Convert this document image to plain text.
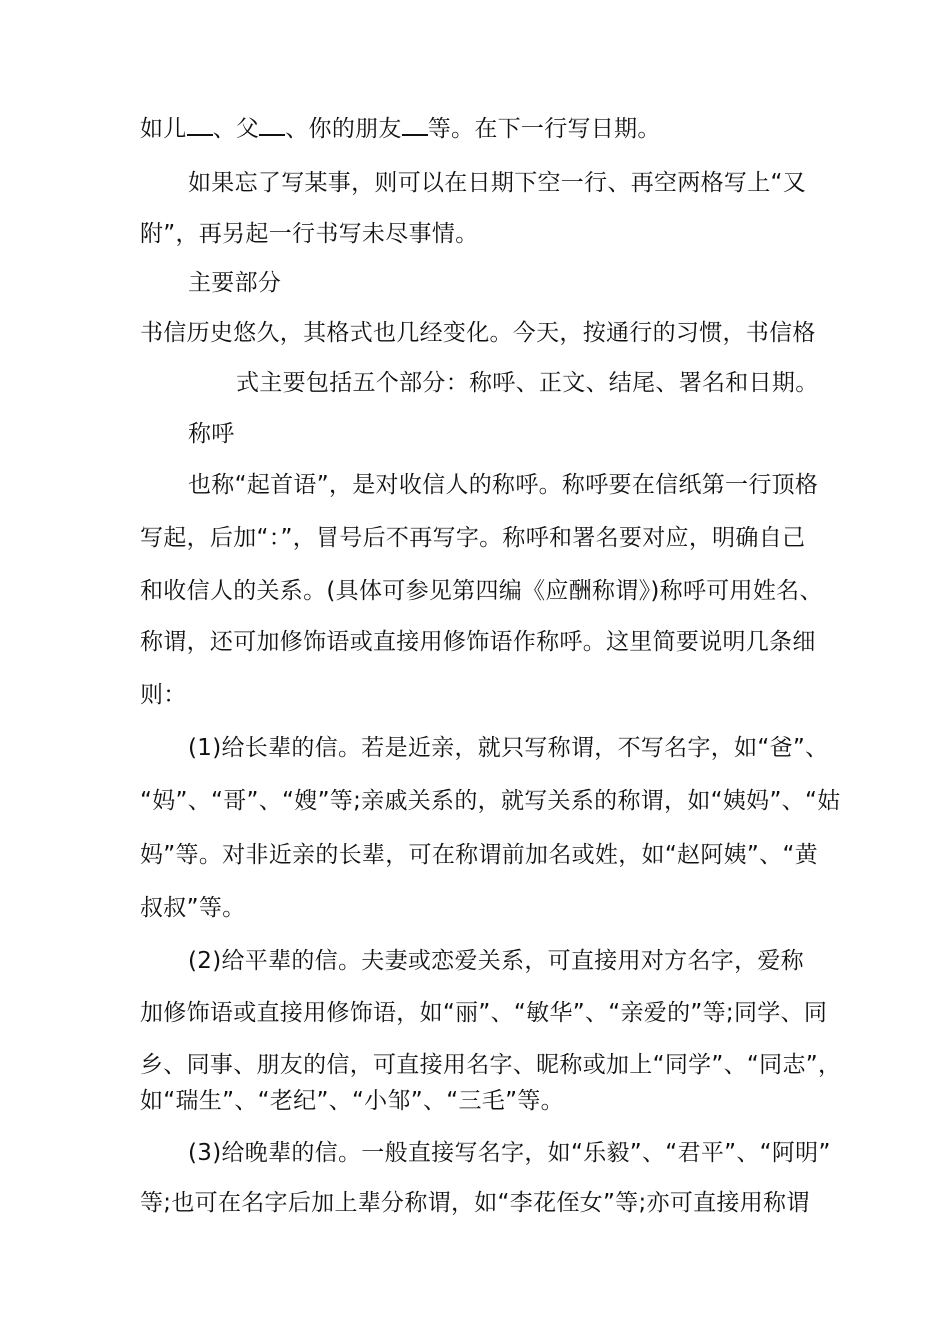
如儿 、父 、你的朋友 等。在下一行写日期。
如果忘了写某事，则可以在日期下空一行、再空两格写上“又
附”，再另起一行书写未尽事情。
主要部分
书信历史悠久，其格式也几经变化。今天，按通行的习惯，书信格
式主要包括五个部分：称呼、正文、结尾、署名和日期。
称呼
也称“起首语”，是对收信人的称呼。称呼要在信纸第一行顶格
写起，后加“：”，冒号后不再写字。称呼和署名要对应，明确自己
和收信人的关系。(具体可参见第四编《应酬称谓》)称呼可用姓名、
称谓，还可加修饰语或直接用修饰语作称呼。这里简要说明几条细
则：
(1)给长辈的信。若是近亲，就只写称谓，不写名字，如“爸”、
“妈”、“哥”、“嫂”等;亲戚关系的，就写关系的称谓，如“姨妈”、“姑
妈”等。对非近亲的长辈，可在称谓前加名或姓，如“赵阿姨”、“黄
叔叔”等。
(2)给平辈的信。夫妻或恋爱关系，可直接用对方名字，爱称
加修饰语或直接用修饰语，如“丽”、“敏华”、“亲爱的”等;同学、同
乡、同事、朋友的信，可直接用名字、昵称或加上“同学”、“同志”，
如“瑞生”、“老纪”、“小邹”、“三毛”等。
(3)给晚辈的信。一般直接写名字，如“乐毅”、“君平”、“阿明”
等;也可在名字后加上辈分称谓，如“李花侄女”等;亦可直接用称谓
